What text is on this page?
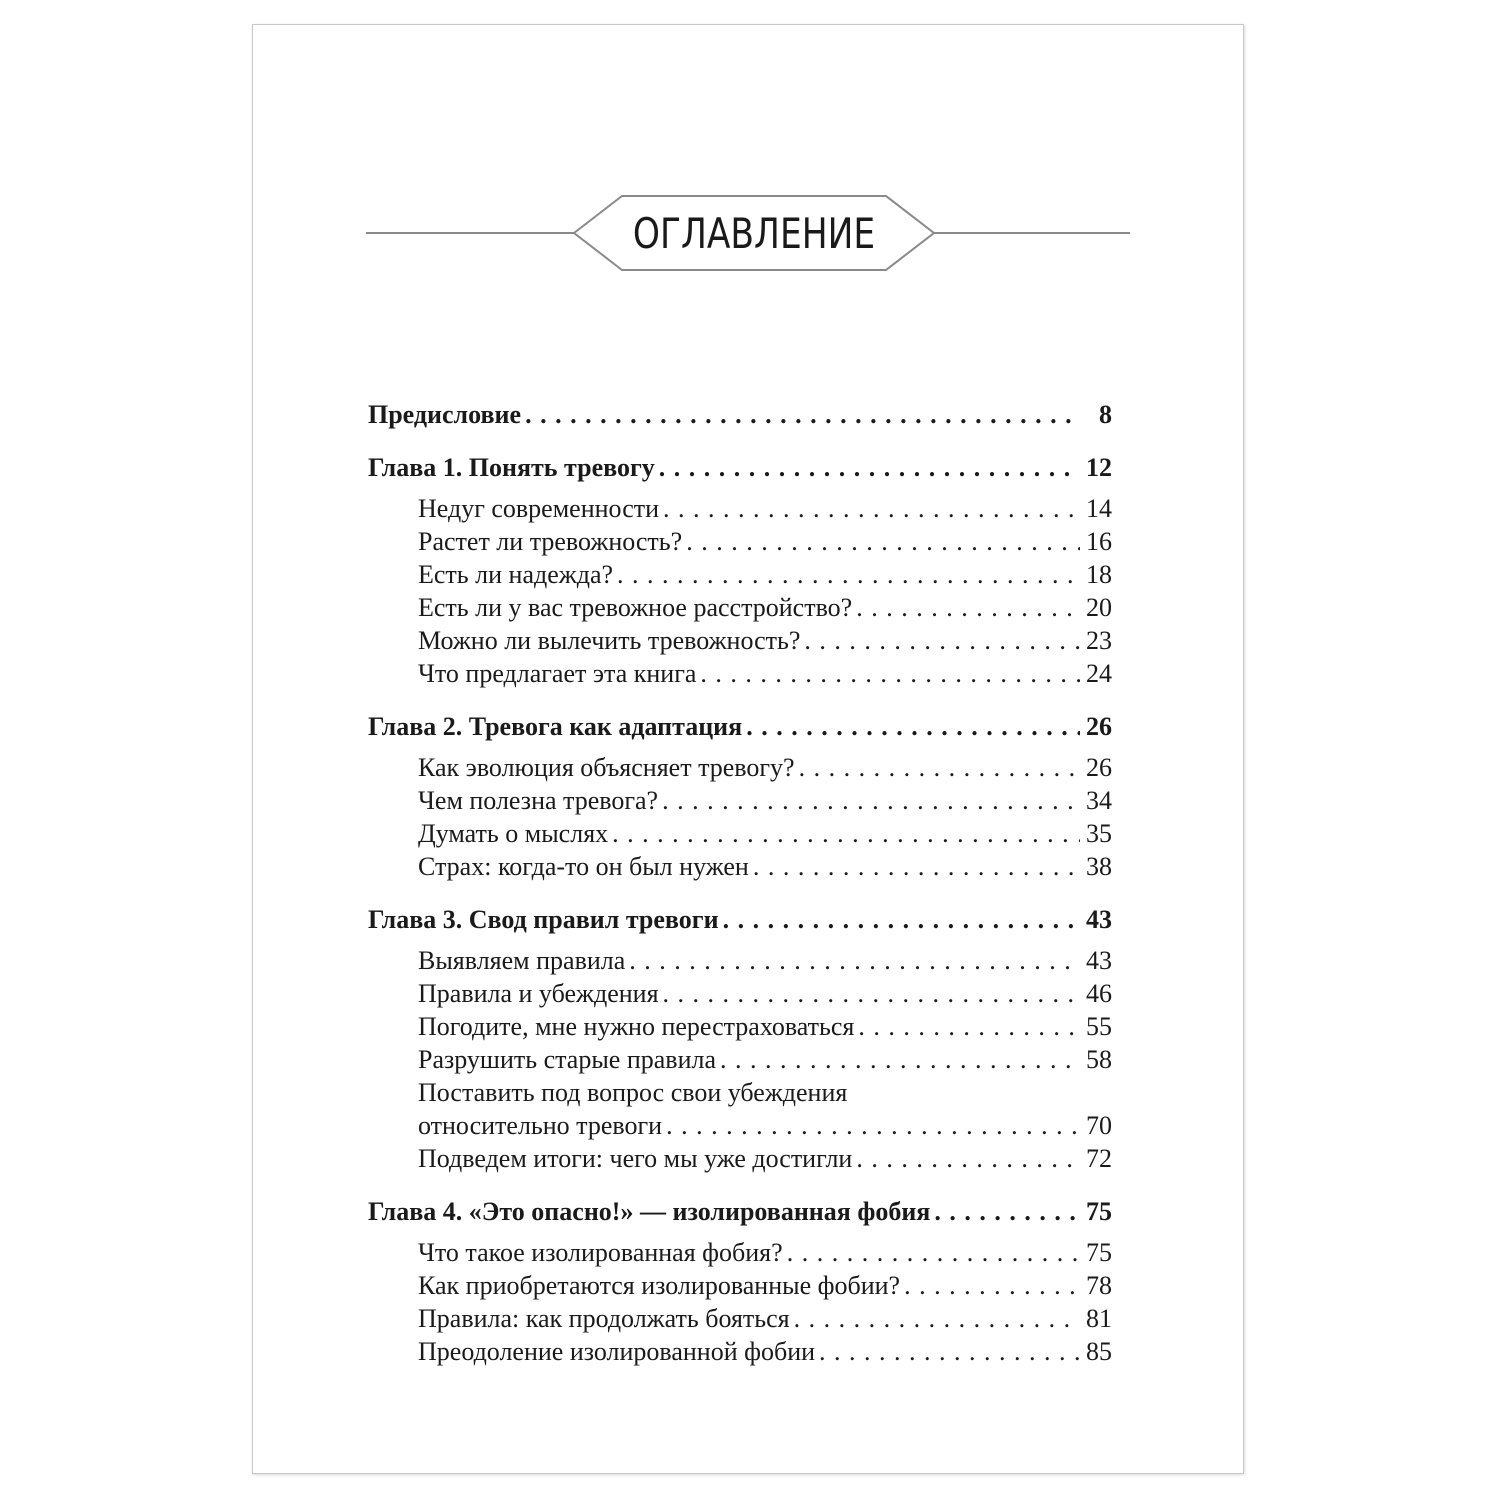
ОГЛАВЛЕНИЕ
Предисловие . . .	8
Глава 1. Понять тревогу . . .	12
Недуг современности . . .	14
Растет ли тревожность? . . .	16
Есть ли надежда? . . .	18
Есть ли у вас тревожное расстройство? . . .	20
Можно ли вылечить тревожность? . . .	23
Что предлагает эта книга . . .	24
Глава 2. Тревога как адаптация . . .	26
Как эволюция объясняет тревогу? . . .	26
Чем полезна тревога? . . .	34
Думать о мыслях . . .	35
Страх: когда-то он был нужен . . .	38
Глава 3. Свод правил тревоги . . .	43
Выявляем правила . . .	43
Правила и убеждения . . .	46
Погодите, мне нужно перестраховаться . . .	55
Разрушить старые правила . . .	58
Поставить под вопрос свои убеждения
относительно тревоги . . .	70
Подведем итоги: чего мы уже достигли . . .	72
Глава 4. «Это опасно!» — изолированная фобия . . .	75
Что такое изолированная фобия? . . .	75
Как приобретаются изолированные фобии? . . .	78
Правила: как продолжать бояться . . .	81
Преодоление изолированной фобии . . .	85
